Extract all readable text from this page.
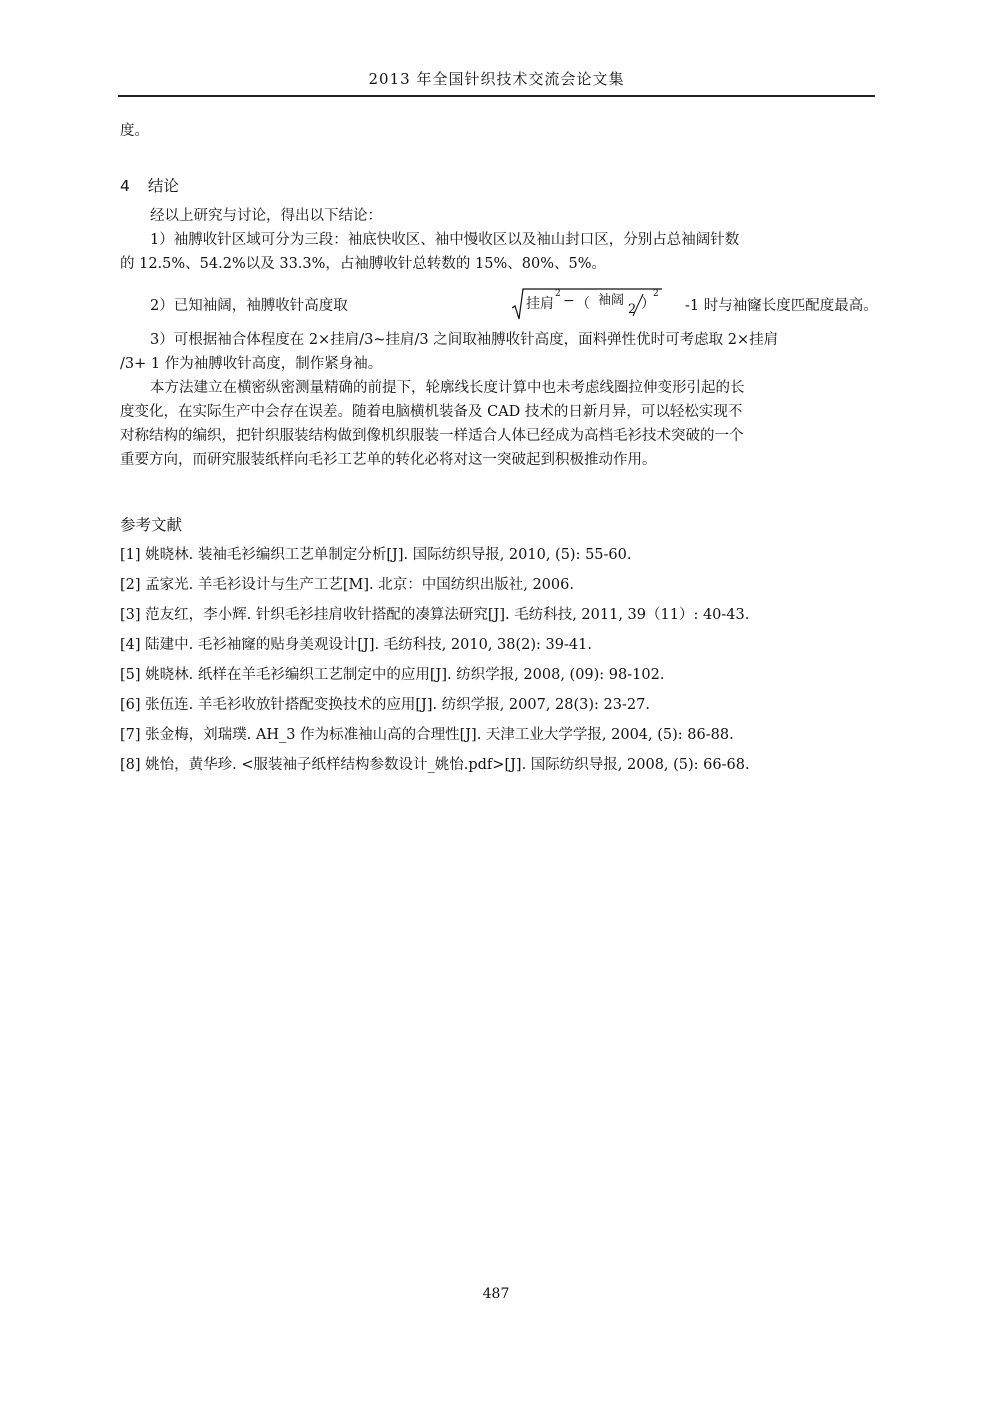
2013 年全国针织技术交流会论文集
度。
4 结论

经以上研究与讨论，得出以下结论：

1）袖膊收针区域可分为三段：袖底快收区、袖中慢收区以及袖山封口区，分别占总袖阔针数

的 12.5%、54.2%以及 33.3%，占袖膊收针总转数的 15%、80%、5%。

2）已知袖阔，袖膊收针高度取	挂肩
2 − （ 袖阔
2 ）
2
-1 时与袖窿长度匹配度最高。

3）可根据袖合体程度在 2×挂肩/3~挂肩/3 之间取袖膊收针高度，面料弹性优时可考虑取 2×挂肩

/3+ 1 作为袖膊收针高度，制作紧身袖。

本方法建立在横密纵密测量精确的前提下，轮廓线长度计算中也未考虑线圈拉伸变形引起的长

度变化，在实际生产中会存在误差。随着电脑横机装备及 CAD 技术的日新月异，可以轻松实现不

对称结构的编织，把针织服装结构做到像机织服装一样适合人体已经成为高档毛衫技术突破的一个

重要方向，而研究服装纸样向毛衫工艺单的转化必将对这一突破起到积极推动作用。

参考文献
[1] 姚晓林. 装袖毛衫编织工艺单制定分析[J]. 国际纺织导报, 2010, (5): 55-60.
[2] 孟家光. 羊毛衫设计与生产工艺[M]. 北京：中国纺织出版社, 2006.
[3] 范友红，李小辉. 针织毛衫挂肩收针搭配的凑算法研究[J]. 毛纺科技, 2011, 39（11）: 40-43.
[4] 陆建中. 毛衫袖窿的贴身美观设计[J]. 毛纺科技, 2010, 38(2): 39-41.
[5] 姚晓林. 纸样在羊毛衫编织工艺制定中的应用[J]. 纺织学报, 2008, (09): 98-102.
[6] 张伍连. 羊毛衫收放针搭配变换技术的应用[J]. 纺织学报, 2007, 28(3): 23-27.
[7] 张金梅，刘瑞璞. AH_3 作为标准袖山高的合理性[J]. 天津工业大学学报, 2004, (5): 86-88.
[8] 姚怡，黄华珍. <服装袖子纸样结构参数设计_姚怡.pdf>[J]. 国际纺织导报, 2008, (5): 66-68.
487
